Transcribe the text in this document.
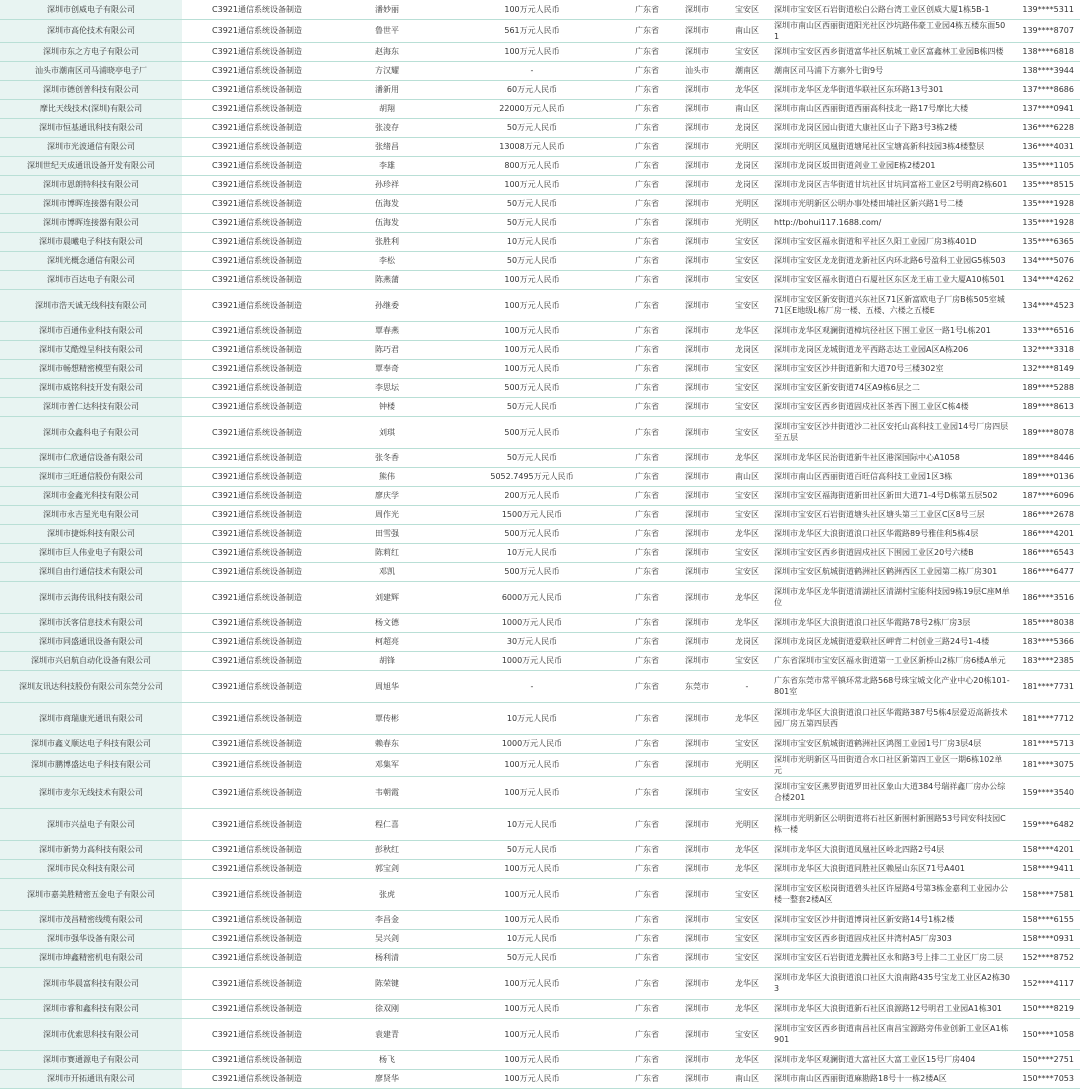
深圳市创威电子有限公司	C3921通信系统设备制造	潘妙丽	100万元人民币	广东省	深圳市	宝安区	深圳市宝安区石岩街道松白公路台湾工业区创威大厦1栋5B-1	139****5311
深圳市高伦技术有限公司	C3921通信系统设备制造	鲁世平	561万元人民币	广东省	深圳市	南山区	深圳市南山区西丽街道阳光社区沙坑路伟豪工业园4栋五楼东面501	139****8707
深圳市东之方电子有限公司	C3921通信系统设备制造	赵海东	100万元人民币	广东省	深圳市	宝安区	深圳市宝安区西乡街道富华社区航城工业区富鑫林工业园B栋四楼	138****6818
汕头市潮南区司马浦晓亭电子厂	C3921通信系统设备制造	方汉耀	-	广东省	汕头市	潮南区	潮南区司马浦下方寨外七街9号	138****3944
深圳市德创普科技有限公司	C3921通信系统设备制造	潘新用	60万元人民币	广东省	深圳市	龙华区	深圳市龙华区龙华街道华联社区东环路13号301	137****8686
摩比天线技术(深圳)有限公司	C3921通信系统设备制造	胡翔	22000万元人民币	广东省	深圳市	南山区	深圳市南山区西丽街道西丽高科技北一路17号摩比大楼	137****0941
深圳市恒基通讯科技有限公司	C3921通信系统设备制造	张凌存	50万元人民币	广东省	深圳市	龙岗区	深圳市龙岗区园山街道大康社区山子下路3号3栋2楼	136****6228
深圳市光波通信有限公司	C3921通信系统设备制造	张绪昌	13008万元人民币	广东省	深圳市	光明区	深圳市光明区凤凰街道塘尾社区宝塘高新科技园3栋4楼整层	136****4031
深圳世纪天成通讯设备开发有限公司	C3921通信系统设备制造	李雄	800万元人民币	广东省	深圳市	龙岗区	深圳市龙岗区坂田街道剑业工业园E栋2楼201	135****1105
深圳市恩朗特科技有限公司	C3921通信系统设备制造	孙珍祥	100万元人民币	广东省	深圳市	龙岗区	深圳市龙岗区吉华街道甘坑社区甘坑同富裕工业区2号明商2栋601	135****8515
深圳市博晖连接器有限公司	C3921通信系统设备制造	伍海发	50万元人民币	广东省	深圳市	光明区	深圳市光明新区公明办事处楼田埔社区新兴路1号二楼	135****1928
深圳市博晖连接器有限公司	C3921通信系统设备制造	伍海发	50万元人民币	广东省	深圳市	光明区	http://bohui117.1688.com/	135****1928
深圳市晨曦电子科技有限公司	C3921通信系统设备制造	张胜利	10万元人民币	广东省	深圳市	宝安区	深圳市宝安区福永街道和平社区久阳工业园厂房3栋401D	135****6365
深圳光概念通信有限公司	C3921通信系统设备制造	李松	50万元人民币	广东省	深圳市	宝安区	深圳市宝安区龙龙街道龙新社区内环北路6号盈科工业园G5栋503	134****5076
深圳市百达电子有限公司	C3921通信系统设备制造	陈燕蒲	100万元人民币	广东省	深圳市	宝安区	深圳市宝安区福永街道白石厦社区东区龙王庙工业大厦A10栋501	134****4262
深圳市浩天诚无线科技有限公司	C3921通信系统设备制造	孙继委	100万元人民币	广东省	深圳市	宝安区	深圳市宝安区新安街道兴东社区71区新富欧电子厂房B栋505室城71区E地级L栋厂房一楼、五楼、六楼之五楼E	134****4523
深圳市百通伟业科技有限公司	C3921通信系统设备制造	覃春燕	100万元人民币	广东省	深圳市	龙华区	深圳市龙华区观澜街道樟坑径社区下围工业区一路1号L栋201	133****6516
深圳市艾酷煌呈科技有限公司	C3921通信系统设备制造	陈巧君	100万元人民币	广东省	深圳市	龙岗区	深圳市龙岗区龙城街道龙平西路志达工业园A区A栋206	132****3318
深圳市畅想精密模型有限公司	C3921通信系统设备制造	覃奉奇	100万元人民币	广东省	深圳市	宝安区	深圳市宝安区沙井街道新和大道70号三楼302室	132****8149
深圳市威铭科技开发有限公司	C3921通信系统设备制造	李思坛	500万元人民币	广东省	深圳市	宝安区	深圳市宝安区新安街道74区A9栋6层之二	189****5288
深圳市普仁达科技有限公司	C3921通信系统设备制造	钟楼	50万元人民币	广东省	深圳市	宝安区	深圳市宝安区西乡街道固戍社区茶西下围工业区C栋4楼	189****8613
深圳市众鑫科电子有限公司	C3921通信系统设备制造	刘琪	500万元人民币	广东省	深圳市	宝安区	深圳市宝安区沙井街道沙二社区安托山高科技工业园14号厂房四层至五层	189****8078
深圳市仁欣通信设备有限公司	C3921通信系统设备制造	张冬香	50万元人民币	广东省	深圳市	龙华区	深圳市龙华区民治街道新牛社区港深国际中心A1058	189****8446
深圳市三旺通信股份有限公司	C3921通信系统设备制造	熊伟	5052.7495万元人民币	广东省	深圳市	南山区	深圳市南山区西丽街道百旺信高科技工业园1区3栋	189****0136
深圳市金鑫光科技有限公司	C3921通信系统设备制造	廖庆学	200万元人民币	广东省	深圳市	宝安区	深圳市宝安区福海街道新田社区新田大道71-4号D栋第五层502	187****6096
深圳市永吉星光电有限公司	C3921通信系统设备制造	周作光	1500万元人民币	广东省	深圳市	宝安区	深圳市宝安区石岩街道塘头社区塘头第三工业区C区8号三层	186****2678
深圳市捷烁科技有限公司	C3921通信系统设备制造	田雪强	500万元人民币	广东省	深圳市	龙华区	深圳市龙华区大浪街道浪口社区华霞路89号雅佳利5栋4层	186****4201
深圳市巨人伟业电子有限公司	C3921通信系统设备制造	陈莉红	10万元人民币	广东省	深圳市	宝安区	深圳市宝安区西乡街道固戍社区下围园工业区20号六楼B	186****6543
深圳自由行通信技术有限公司	C3921通信系统设备制造	邓凯	500万元人民币	广东省	深圳市	宝安区	深圳市宝安区航城街道鹤洲社区鹤洲西区工业园第二栋厂房301	186****6477
深圳市云海传讯科技有限公司	C3921通信系统设备制造	刘建辉	6000万元人民币	广东省	深圳市	龙华区	深圳市龙华区龙华街道清湖社区清湖村宝能科技园9栋19层C座M单位	186****3516
深圳市沃客信息技术有限公司	C3921通信系统设备制造	杨文德	1000万元人民币	广东省	深圳市	龙华区	深圳市龙华区大浪街道浪口社区华霞路78号2栋厂房3层	185****8038
深圳市同盛通讯设备有限公司	C3921通信系统设备制造	柯超亮	30万元人民币	广东省	深圳市	龙岗区	深圳市龙岗区龙城街道爱联社区岬背二村创业三路24号1-4楼	183****5366
深圳市兴启航自动化设备有限公司	C3921通信系统设备制造	胡锋	1000万元人民币	广东省	深圳市	宝安区	广东省深圳市宝安区福永街道第一工业区新桥山2栋厂房6楼A单元	183****2385
深圳友讯达科技股份有限公司东莞分公司	C3921通信系统设备制造	周旭华	-	广东省	东莞市	-	广东省东莞市常平镇环常北路568号珠宝城文化产业中心20栋101-801室	181****7731
深圳市商瑞康光通讯有限公司	C3921通信系统设备制造	覃传彬	10万元人民币	广东省	深圳市	龙华区	深圳市龙华区大浪街道浪口社区华霞路387号5栋4层爱迈高新技术园厂房五第四层西	181****7712
深圳市鑫义顺达电子科技有限公司	C3921通信系统设备制造	赖春东	1000万元人民币	广东省	深圳市	宝安区	深圳市宝安区航城街道鹤洲社区鸿图工业园1号厂房3层4层	181****5713
深圳市鹏博盛达电子科技有限公司	C3921通信系统设备制造	邓集军	100万元人民币	广东省	深圳市	光明区	深圳市光明新区马田街道合水口社区新第四工业区一期6栋102单元	181****3075
深圳市麦尔无线技术有限公司	C3921通信系统设备制造	韦朝霞	100万元人民币	广东省	深圳市	宝安区	深圳市宝安区燕罗街道罗田社区象山大道384号瑞祥鑫厂房办公综合楼201	159****3540
深圳市兴益电子有限公司	C3921通信系统设备制造	程仁喜	10万元人民币	广东省	深圳市	光明区	深圳市光明新区公明街道将石社区新围村新围路53号同安科技园C栋一楼	159****6482
深圳市新势力高科技有限公司	C3921通信系统设备制造	彭秋红	50万元人民币	广东省	深圳市	龙华区	深圳市龙华区大浪街道凤凰社区岭北四路2号4层	158****4201
深圳市民众科技有限公司	C3921通信系统设备制造	郭宝剑	100万元人民币	广东省	深圳市	龙华区	深圳市龙华区大浪街道同胜社区赖屋山东区71号A401	158****9411
深圳市嘉美胜精密五金电子有限公司	C3921通信系统设备制造	张虎	100万元人民币	广东省	深圳市	宝安区	深圳市宝安区松岗街道碧头社区许屋路4号第3栋金嘉利工业园办公楼一整套2楼A区	158****7581
深圳市茂昌精密线缆有限公司	C3921通信系统设备制造	李昌金	100万元人民币	广东省	深圳市	宝安区	深圳市宝安区沙井街道博岗社区新安路14号1栋2楼	158****6155
深圳市强华设备有限公司	C3921通信系统设备制造	吴兴剑	10万元人民币	广东省	深圳市	宝安区	深圳市宝安区西乡街道固戍社区井湾村A5厂房303	158****0931
深圳市坤鑫精密机电有限公司	C3921通信系统设备制造	杨利清	50万元人民币	广东省	深圳市	宝安区	深圳市宝安区石岩街道龙腾社区永和路3号上排二工业区厂房二层	152****8752
深圳市华晨富科技有限公司	C3921通信系统设备制造	陈荣键	100万元人民币	广东省	深圳市	龙华区	深圳市龙华区大浪街道浪口社区大浪南路435号宝龙工业区A2栋303	152****4117
深圳市睿和鑫科技有限公司	C3921通信系统设备制造	徐双刚	100万元人民币	广东省	深圳市	龙华区	深圳市龙华区大浪街道新石社区浪源路12号明君工业园A1栋301	150****8219
深圳市优索思科技有限公司	C3921通信系统设备制造	袁建青	100万元人民币	广东省	深圳市	宝安区	深圳市宝安区西乡街道南昌社区南昌宝源路旁伟业创新工业区A1栋901	150****1058
深圳市赛通源电子有限公司	C3921通信系统设备制造	杨飞	100万元人民币	广东省	深圳市	龙华区	深圳市龙华区观澜街道大富社区大富工业区15号厂房404	150****2751
深圳市开拓通讯有限公司	C3921通信系统设备制造	廖贤华	100万元人民币	广东省	深圳市	南山区	深圳市南山区西丽街道麻勘路18号十一栋2楼A区	150****7053
